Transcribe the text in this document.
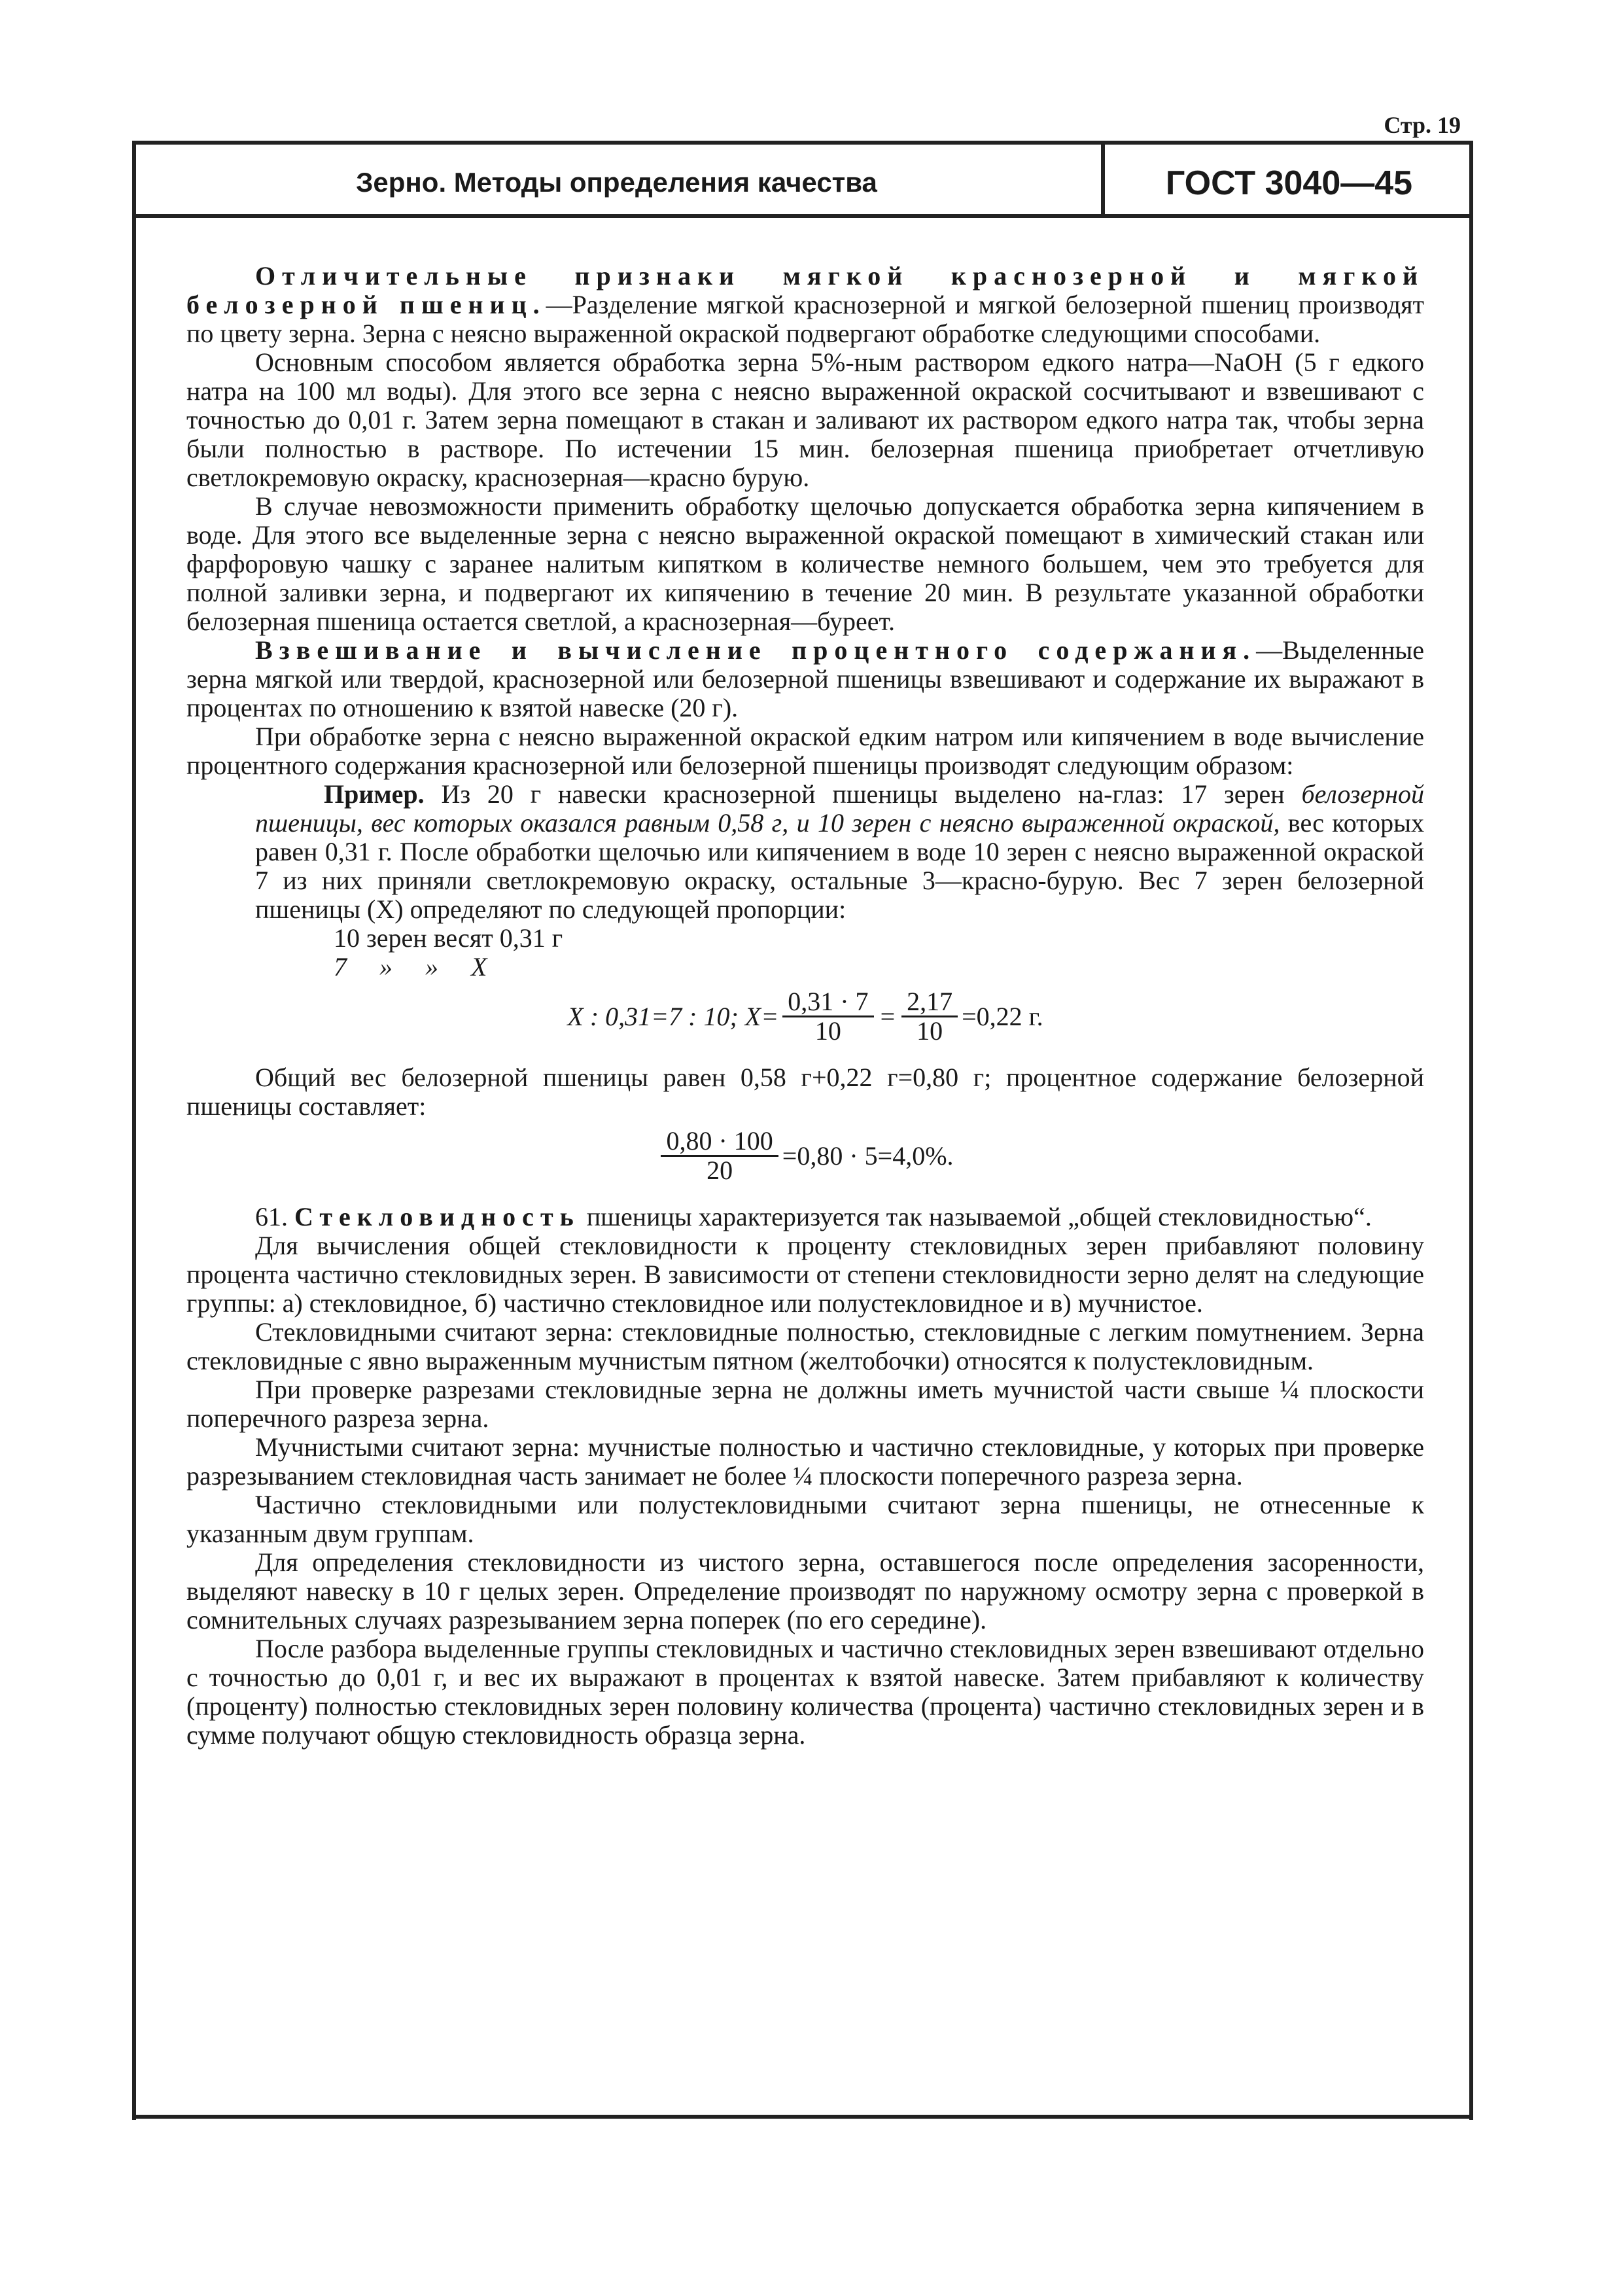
Стр. 19
Зерно. Методы определения качества	ГОСТ 3040—45

Отличительные признаки мягкой краснозерной и мягкой белозерной пшениц.—Разделение мягкой краснозерной и мягкой белозерной пшениц производят по цвету зерна. Зерна с неясно выраженной окраской подвергают обработке следующими способами.

Основным способом является обработка зерна 5%-ным раствором едкого натра—NaOH (5 г едкого натра на 100 мл воды). Для этого все зерна с неясно выраженной окраской сосчитывают и взвешивают с точностью до 0,01 г. Затем зерна помещают в стакан и заливают их раствором едкого натра так, чтобы зерна были полностью в растворе. По истечении 15 мин. белозерная пшеница приобретает отчетливую светлокремовую окраску, краснозерная—красно бурую.

В случае невозможности применить обработку щелочью допускается обработка зерна кипячением в воде. Для этого все выделенные зерна с неясно выраженной окраской помещают в химический стакан или фарфоровую чашку с заранее налитым кипятком в количестве немного большем, чем это требуется для полной заливки зерна, и подвергают их кипячению в течение 20 мин. В результате указанной обработки белозерная пшеница остается светлой, а краснозерная—буреет.

Взвешивание и вычисление процентного содержания.—Выделенные зерна мягкой или твердой, краснозерной или белозерной пшеницы взвешивают и содержание их выражают в процентах по отношению к взятой навеске (20 г).

При обработке зерна с неясно выраженной окраской едким натром или кипячением в воде вычисление процентного содержания краснозерной или белозерной пшеницы производят следующим образом:

Пример. Из 20 г навески краснозерной пшеницы выделено на-глаз: 17 зерен белозерной пшеницы, вес которых оказался равным 0,58 г, и 10 зерен с неясно выраженной окраской, вес которых равен 0,31 г. После обработки щелочью или кипячением в воде 10 зерен с неясно выраженной окраской 7 из них приняли светлокремовую окраску, остальные 3—красно-бурую. Вес 7 зерен белозерной пшеницы (X) определяют по следующей пропорции:

10 зерен весят 0,31 г
7     »     »     X
X : 0,31=7 : 10; $X= \frac{0,31 \cdot 7}{10} = \frac{2,17}{10} =0,22$ г.

Общий вес белозерной пшеницы равен 0,58 г+0,22 г=0,80 г; процентное содержание белозерной пшеницы составляет:

$\frac{0,80 \cdot 100}{20} =0,80 \cdot 5=4,0\%$.

61. Стекловидность пшеницы характеризуется так называемой „общей стекловидностью“.

Для вычисления общей стекловидности к проценту стекловидных зерен прибавляют половину процента частично стекловидных зерен. В зависимости от степени стекловидности зерно делят на следующие группы: а) стекловидное, б) частично стекловидное или полустекловидное и в) мучнистое.

Стекловидными считают зерна: стекловидные полностью, стекловидные с легким помутнением. Зерна стекловидные с явно выраженным мучнистым пятном (желтобочки) относятся к полустекловидным.

При проверке разрезами стекловидные зерна не должны иметь мучнистой части свыше ¼ плоскости поперечного разреза зерна.

Мучнистыми считают зерна: мучнистые полностью и частично стекловидные, у которых при проверке разрезыванием стекловидная часть занимает не более ¼ плоскости поперечного разреза зерна.

Частично стекловидными или полустекловидными считают зерна пшеницы, не отнесенные к указанным двум группам.

Для определения стекловидности из чистого зерна, оставшегося после определения засоренности, выделяют навеску в 10 г целых зерен. Определение производят по наружному осмотру зерна с проверкой в сомнительных случаях разрезыванием зерна поперек (по его середине).

После разбора выделенные группы стекловидных и частично стекловидных зерен взвешивают отдельно с точностью до 0,01 г, и вес их выражают в процентах к взятой навеске. Затем прибавляют к количеству (проценту) полностью стекловидных зерен половину количества (процента) частично стекловидных зерен и в сумме получают общую стекловидность образца зерна.
